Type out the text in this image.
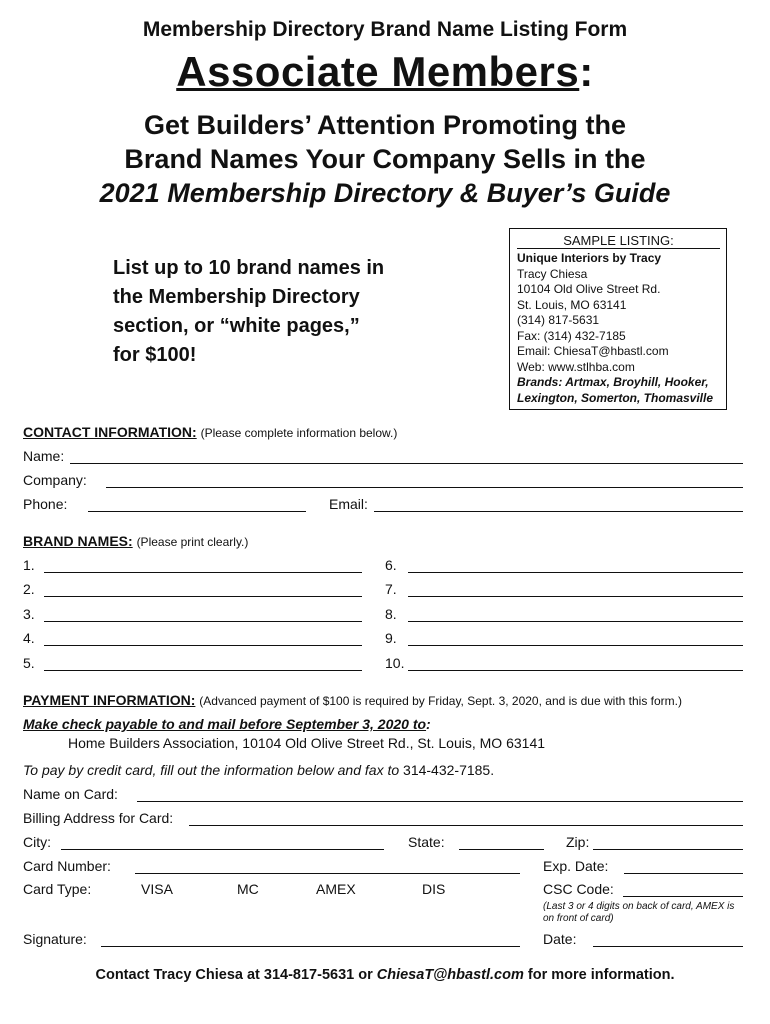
Membership Directory Brand Name Listing Form
Associate Members:
Get Builders’ Attention Promoting the
Brand Names Your Company Sells in the
2021 Membership Directory & Buyer’s Guide
List up to 10 brand names in
the Membership Directory
section, or “white pages,”
for $100!
SAMPLE LISTING:
Unique Interiors by Tracy
Tracy Chiesa
10104 Old Olive Street Rd.
St. Louis, MO 63141
(314) 817-5631
Fax: (314) 432-7185
Email: ChiesaT@hbastl.com
Web: www.stlhba.com
Brands: Artmax, Broyhill, Hooker,
Lexington, Somerton, Thomasville
CONTACT INFORMATION: (Please complete information below.)
Name:
Company:
Phone:	Email:
BRAND NAMES: (Please print clearly.)
1.
2.
3.
4.
5.
6.
7.
8.
9.
10.
PAYMENT INFORMATION: (Advanced payment of $100 is required by Friday, Sept. 3, 2020, and is due with this form.)
Make check payable to and mail before September 3, 2020 to:
Home Builders Association, 10104 Old Olive Street Rd., St. Louis, MO 63141
To pay by credit card, fill out the information below and fax to 314-432-7185.
Name on Card:
Billing Address for Card:
City:	State:	Zip:
Card Number:	Exp. Date:
Card Type:	VISA	MC	AMEX	DIS	CSC Code:
(Last 3 or 4 digits on back of card, AMEX is
on front of card)
Signature:	Date:
Contact Tracy Chiesa at 314-817-5631 or ChiesaT@hbastl.com for more information.
